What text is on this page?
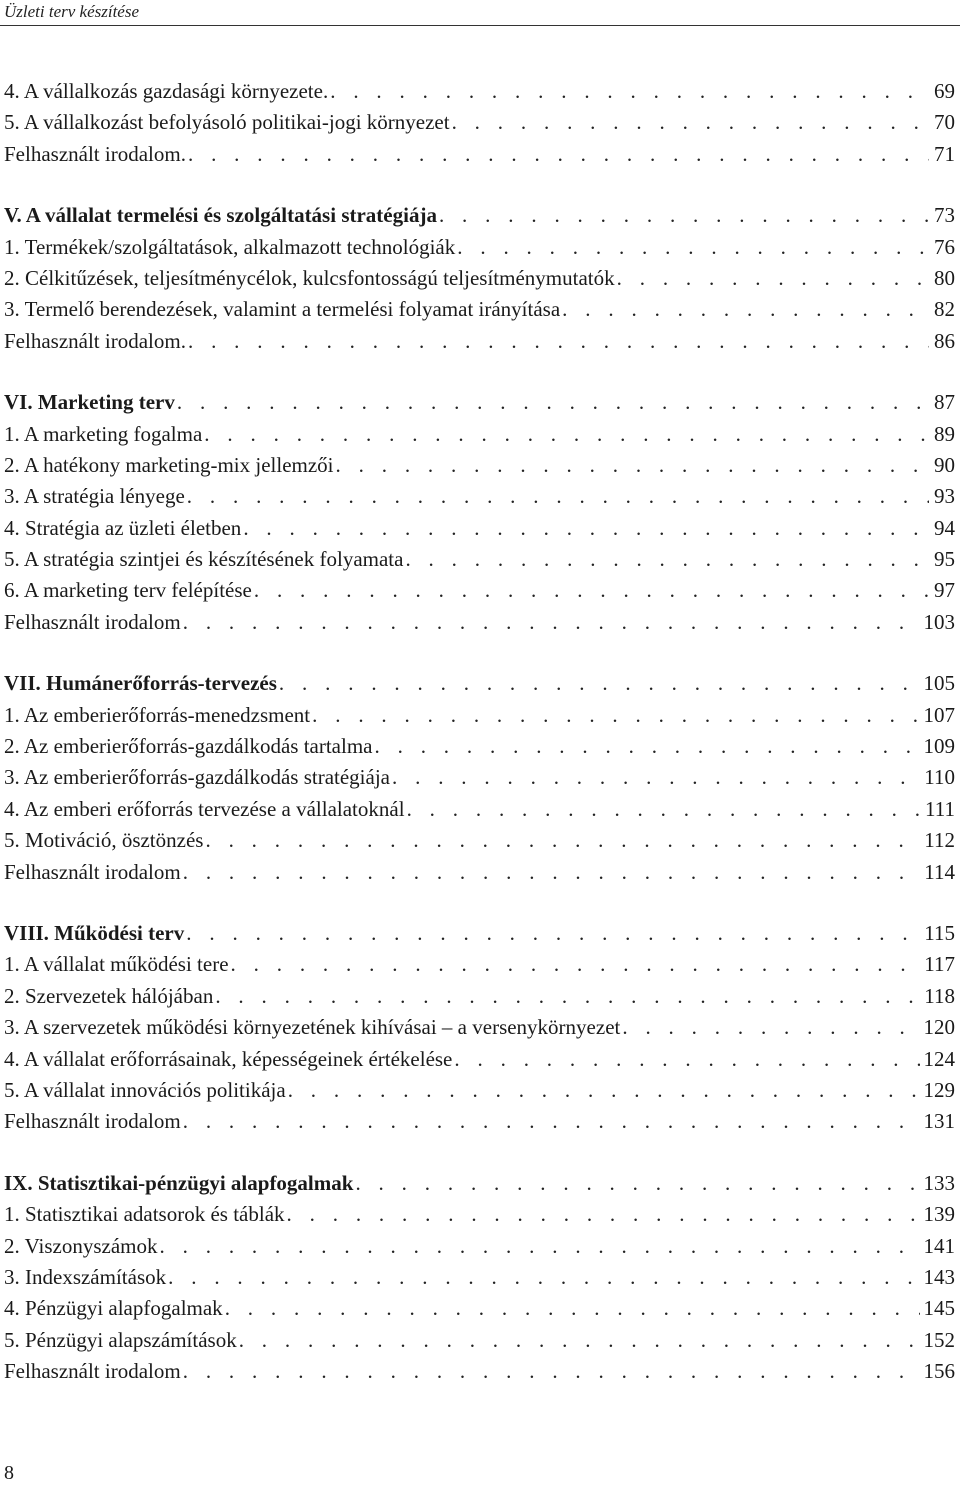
Üzleti terv készítése
4. A vállalkozás gazdasági környezete. . . .	69
5. A vállalkozást befolyásoló politikai-jogi környezet . . .	70
Felhasznált irodalom. . . .	71
V. A vállalat termelési és szolgáltatási stratégiája . . .	73
1. Termékek/szolgáltatások, alkalmazott technológiák . . .	76
2. Célkitűzések, teljesítménycélok, kulcsfontosságú teljesítménymutatók . . .	80
3. Termelő berendezések, valamint a termelési folyamat irányítása . . .	82
Felhasznált irodalom. . . .	86
VI. Marketing terv . . .	87
1. A marketing fogalma . . .	89
2. A hatékony marketing-mix jellemzői . . .	90
3. A stratégia lényege . . .	93
4. Stratégia az üzleti életben . . .	94
5. A stratégia szintjei és készítésének folyamata . . .	95
6. A marketing terv felépítése . . .	97
Felhasznált irodalom . . .	103
VII. Humánerőforrás-tervezés . . .	105
1. Az emberierőforrás-menedzsment . . .	107
2. Az emberierőforrás-gazdálkodás tartalma . . .	109
3. Az emberierőforrás-gazdálkodás stratégiája . . .	110
4. Az emberi erőforrás tervezése a vállalatoknál . . .	111
5. Motiváció, ösztönzés . . .	112
Felhasznált irodalom . . .	114
VIII. Működési terv . . .	115
1. A vállalat működési tere . . .	117
2. Szervezetek hálójában . . .	118
3. A szervezetek működési környezetének kihívásai – a versenykörnyezet . . .	120
4. A vállalat erőforrásainak, képességeinek értékelése . . .	124
5. A vállalat innovációs politikája . . .	129
Felhasznált irodalom . . .	131
IX. Statisztikai-pénzügyi alapfogalmak . . .	133
1. Statisztikai adatsorok és táblák . . .	139
2. Viszonyszámok . . .	141
3. Indexszámítások . . .	143
4. Pénzügyi alapfogalmak . . .	145
5. Pénzügyi alapszámítások . . .	152
Felhasznált irodalom . . .	156
8
